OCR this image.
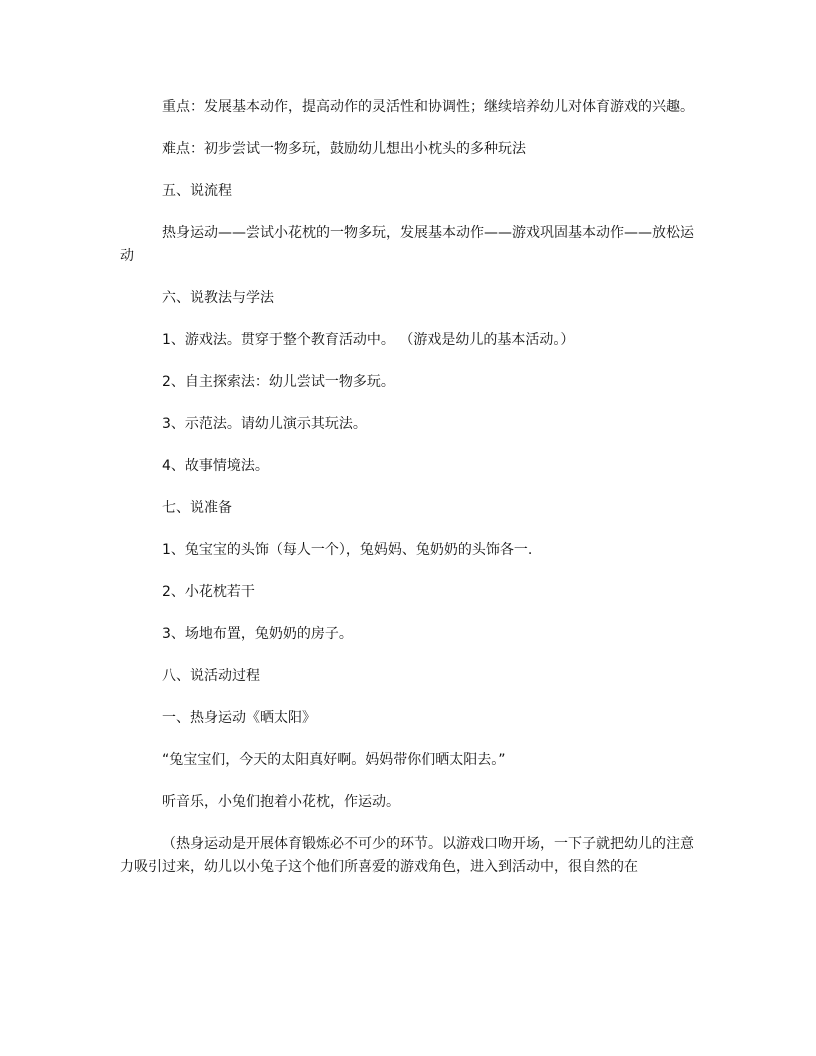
重点：发展基本动作，提高动作的灵活性和协调性；继续培养幼儿对体育游戏的兴趣。

难点：初步尝试一物多玩，鼓励幼儿想出小枕头的多种玩法

五、说流程

热身运动——尝试小花枕的一物多玩，发展基本动作——游戏巩固基本动作——放松运动

六、说教法与学法

1、游戏法。贯穿于整个教育活动中。 （游戏是幼儿的基本活动。）

2、自主探索法：幼儿尝试一物多玩。

3、示范法。请幼儿演示其玩法。

4、故事情境法。

七、说准备

1、兔宝宝的头饰（每人一个），兔妈妈、兔奶奶的头饰各一.

2、小花枕若干

3、场地布置，兔奶奶的房子。

八、说活动过程

一、热身运动《晒太阳》

“兔宝宝们，今天的太阳真好啊。妈妈带你们晒太阳去。”

听音乐，小兔们抱着小花枕，作运动。

（热身运动是开展体育锻炼必不可少的环节。以游戏口吻开场，一下子就把幼儿的注意力吸引过来，幼儿以小兔子这个他们所喜爱的游戏角色，进入到活动中，很自然的在
